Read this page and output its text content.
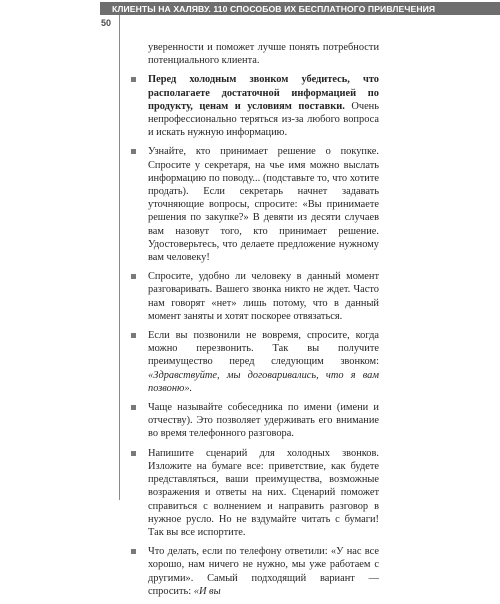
КЛИЕНТЫ НА ХАЛЯВУ. 110 СПОСОБОВ ИХ БЕСПЛАТНОГО ПРИВЛЕЧЕНИЯ
50

уверенности и поможет лучше понять потребности потенциального клиента.

Перед холодным звонком убедитесь, что располагаете достаточной информацией по продукту, ценам и условиям поставки. Очень непрофессионально теряться из-за любого вопроса и искать нужную информацию.

Узнайте, кто принимает решение о покупке. Спросите у секретаря, на чье имя можно выслать информацию по поводу... (подставьте то, что хотите продать). Если секретарь начнет задавать уточняющие вопросы, спросите: «Вы принимаете решения по закупке?» В девяти из десяти случаев вам назовут того, кто принимает решение. Удостоверьтесь, что делаете предложение нужному вам человеку!

Спросите, удобно ли человеку в данный момент разговаривать. Вашего звонка никто не ждет. Часто нам говорят «нет» лишь потому, что в данный момент заняты и хотят поскорее отвязаться.

Если вы позвонили не вовремя, спросите, когда можно перезвонить. Так вы получите преимущество перед следующим звонком: «Здравствуйте, мы договаривались, что я вам позвоню».

Чаще называйте собеседника по имени (имени и отчеству). Это позволяет удерживать его внимание во время телефонного разговора.

Напишите сценарий для холодных звонков. Изложите на бумаге все: приветствие, как будете представляться, ваши преимущества, возможные возражения и ответы на них. Сценарий поможет справиться с волнением и направить разговор в нужное русло. Но не вздумайте читать с бумаги! Так вы все испортите.

Что делать, если по телефону ответили: «У нас все хорошо, нам ничего не нужно, мы уже работаем с другими». Самый подходящий вариант — спросить: «И вы
